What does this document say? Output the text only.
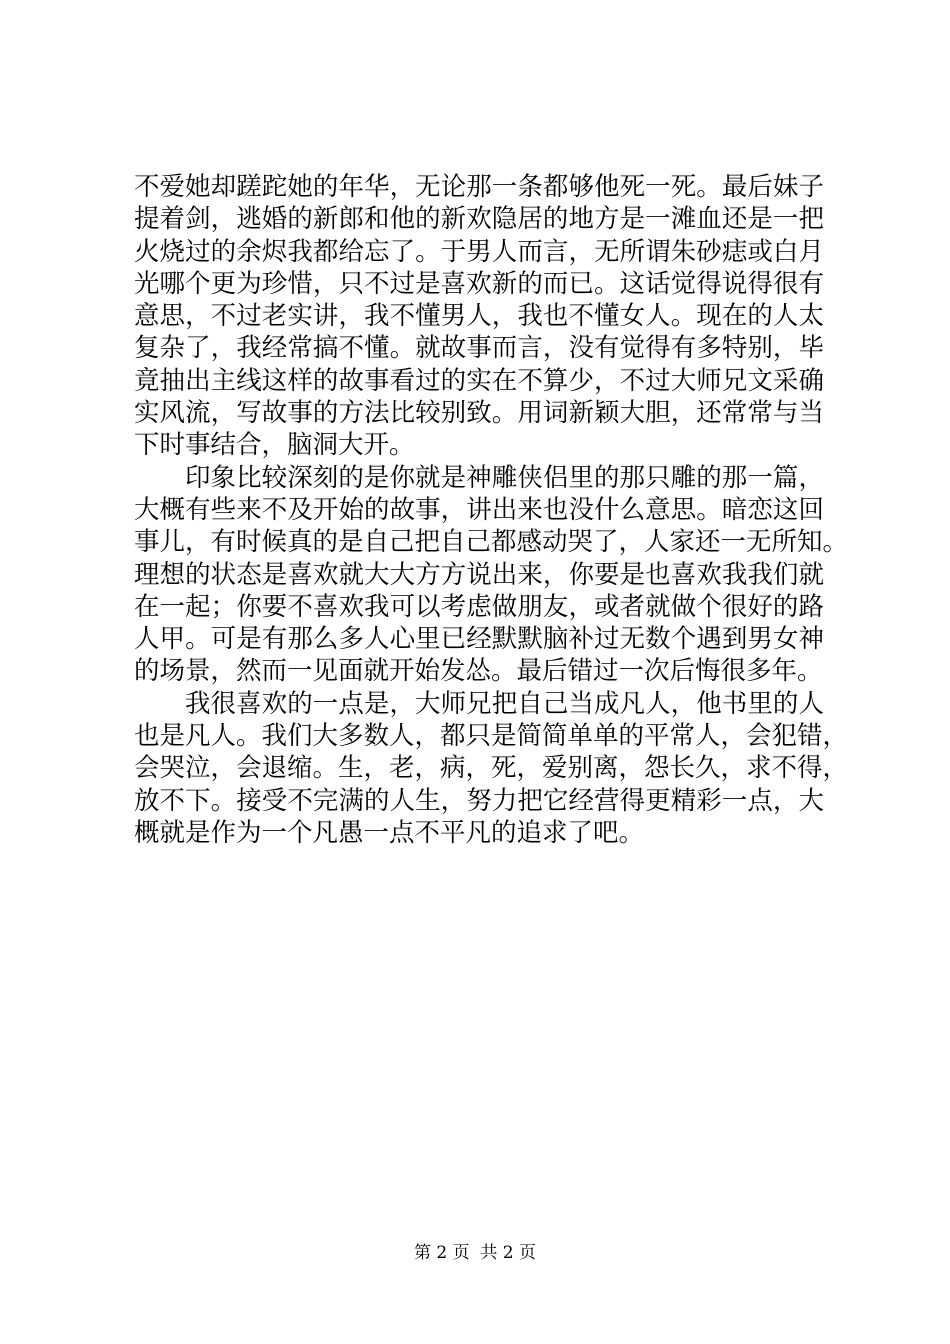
不爱她却蹉跎她的年华，无论那一条都够他死一死。最后妹子
提着剑，逃婚的新郎和他的新欢隐居的地方是一滩血还是一把
火烧过的余烬我都给忘了。于男人而言，无所谓朱砂痣或白月
光哪个更为珍惜，只不过是喜欢新的而已。这话觉得说得很有
意思，不过老实讲，我不懂男人，我也不懂女人。现在的人太
复杂了，我经常搞不懂。就故事而言，没有觉得有多特别，毕
竟抽出主线这样的故事看过的实在不算少，不过大师兄文采确
实风流，写故事的方法比较别致。用词新颖大胆，还常常与当
下时事结合，脑洞大开。
印象比较深刻的是你就是神雕侠侣里的那只雕的那一篇，
大概有些来不及开始的故事，讲出来也没什么意思。暗恋这回
事儿，有时候真的是自己把自己都感动哭了，人家还一无所知。
理想的状态是喜欢就大大方方说出来，你要是也喜欢我我们就
在一起；你要不喜欢我可以考虑做朋友，或者就做个很好的路
人甲。可是有那么多人心里已经默默脑补过无数个遇到男女神
的场景，然而一见面就开始发怂。最后错过一次后悔很多年。
我很喜欢的一点是，大师兄把自己当成凡人，他书里的人
也是凡人。我们大多数人，都只是简简单单的平常人，会犯错，
会哭泣，会退缩。生，老，病，死，爱别离，怨长久，求不得，
放不下。接受不完满的人生，努力把它经营得更精彩一点，大
概就是作为一个凡愚一点不平凡的追求了吧。
第 2 页  共 2 页
